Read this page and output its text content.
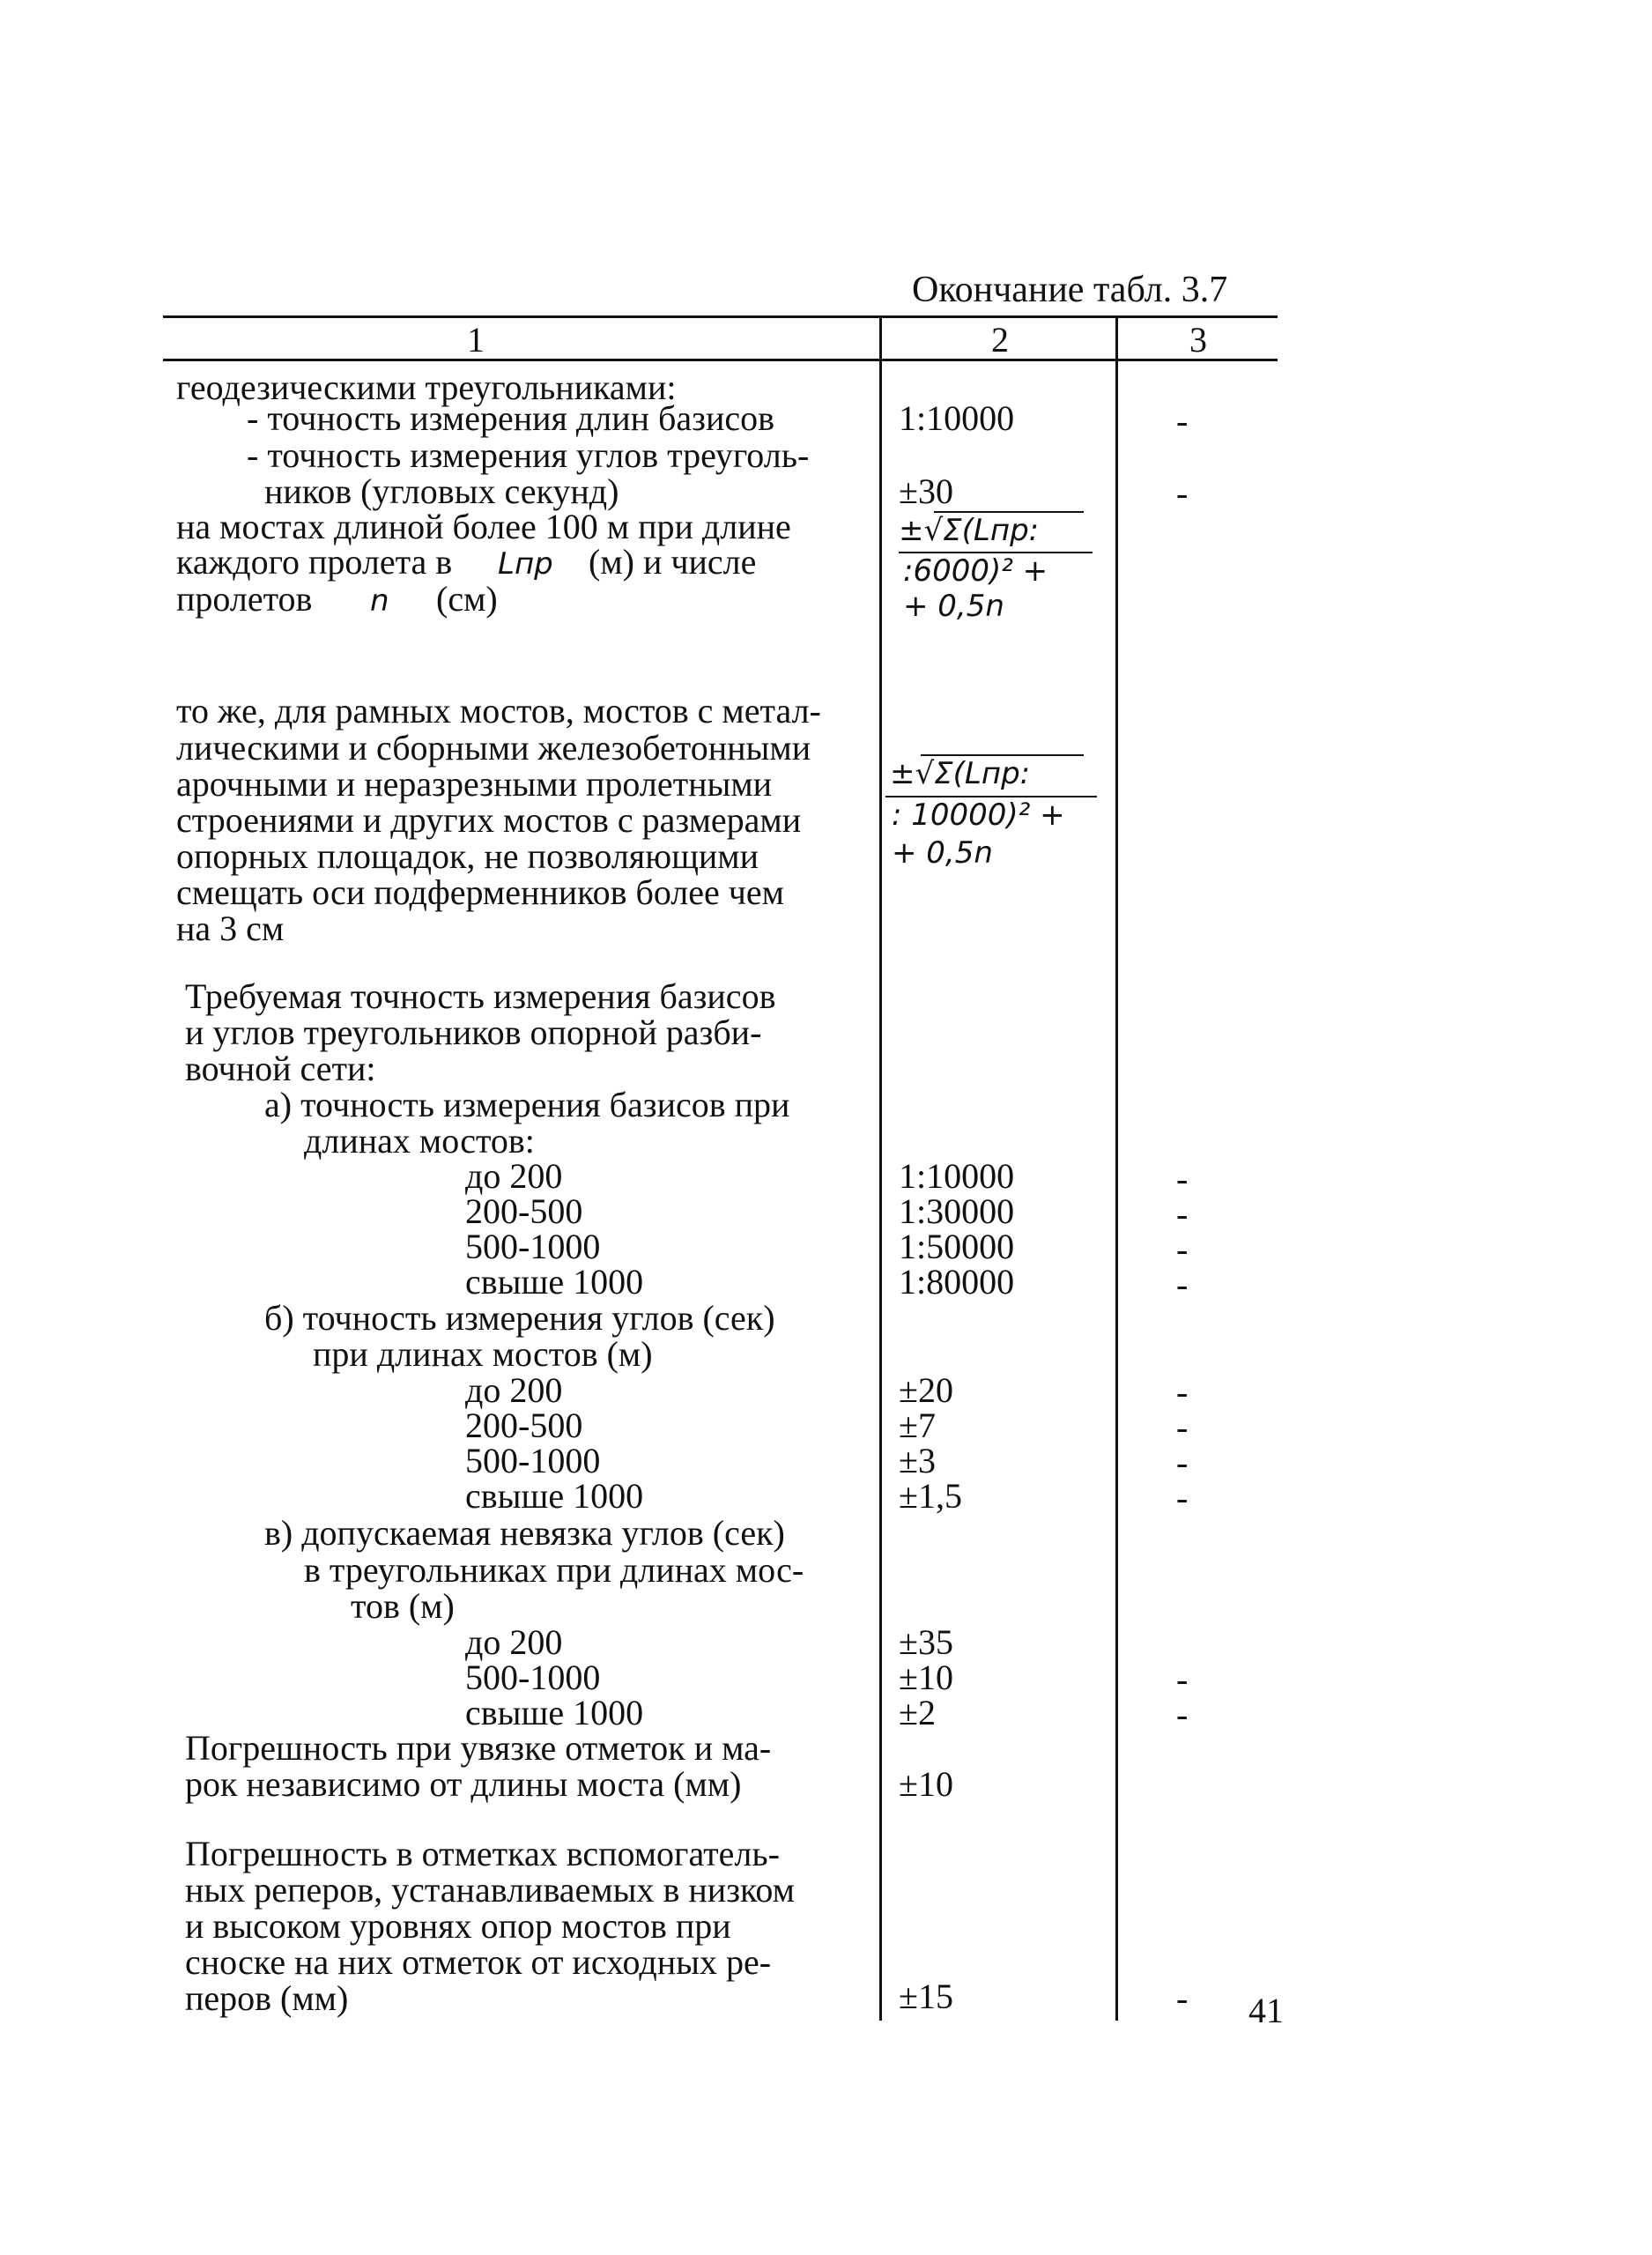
Окончание табл. 3.7
1	2	3
геодезическими треугольниками:
- точность измерения длин базисов
- точность измерения углов треуголь-
ников (угловых секунд)
на мостах длиной более 100 м при длине
каждого пролета в
пролетов
то же, для рамных мостов, мостов с метал-
лическими и сборными железобетонными
арочными и неразрезными пролетными
строениями и других мостов с размерами
опорных площадок, не позволяющими
смещать оси подферменников более чем
на 3 см
Требуемая точность измерения базисов
и углов треугольников опорной разби-
вочной сети:
а) точность измерения базисов при
длинах мостов:
до 200
200-500
500-1000
свыше 1000
б) точность измерения углов (сек)
при длинах мостов (м)
до 200
200-500
500-1000
свыше 1000
в) допускаемая невязка углов (сек)
в треугольниках при длинах мос-
тов (м)
до 200
500-1000
свыше 1000
Погрешность при увязке отметок и ма-
рок независимо от длины моста (мм)
Погрешность в отметках вспомогатель-
ных реперов, устанавливаемых в низком
и высоком уровнях опор мостов при
сноске на них отметок от исходных ре-
перов (мм)
Lпр (м) и числе
n (см)
1:10000
±30
1:10000
1:30000
1:50000
1:80000
±20
±7
±3
±1,5
±35
±10
±2
±10
±15
±√Σ(Lпр:
:6000)² +
+ 0,5n
±√Σ(Lпр:
: 10000)² +
+ 0,5n
-
-
-
-
-
-
-
-
-
-
-
-
- 41
